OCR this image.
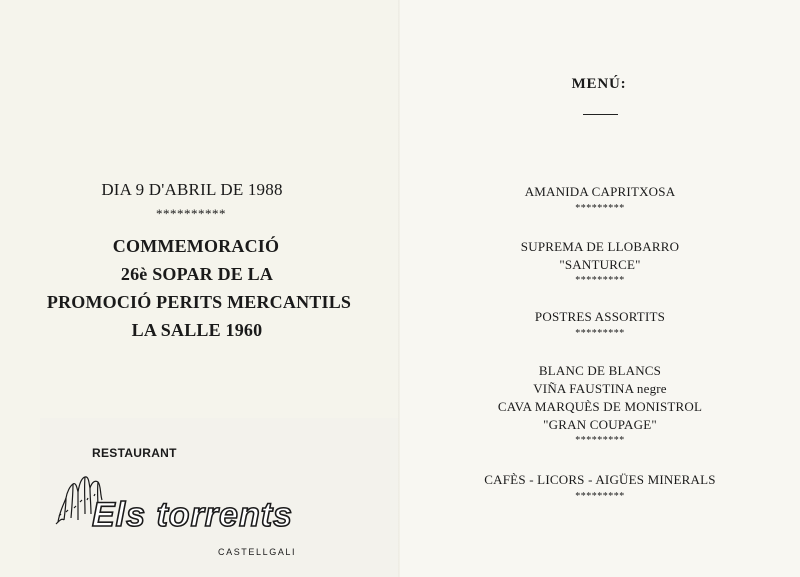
DIA 9 D'ABRIL DE 1988
**********
COMMEMORACIÓ
26è SOPAR DE LA
PROMOCIÓ PERITS MERCANTILS
LA SALLE 1960
RESTAURANT
Els torrents
CASTELLGALI
MENÚ:
AMANIDA CAPRITXOSA
*********
SUPREMA DE LLOBARRO
"SANTURCE"
*********
POSTRES ASSORTITS
*********
BLANC DE BLANCS
VIÑA FAUSTINA negre
CAVA MARQUÈS DE MONISTROL
"GRAN COUPAGE"
*********
CAFÈS - LICORS - AIGÜES MINERALS
*********
